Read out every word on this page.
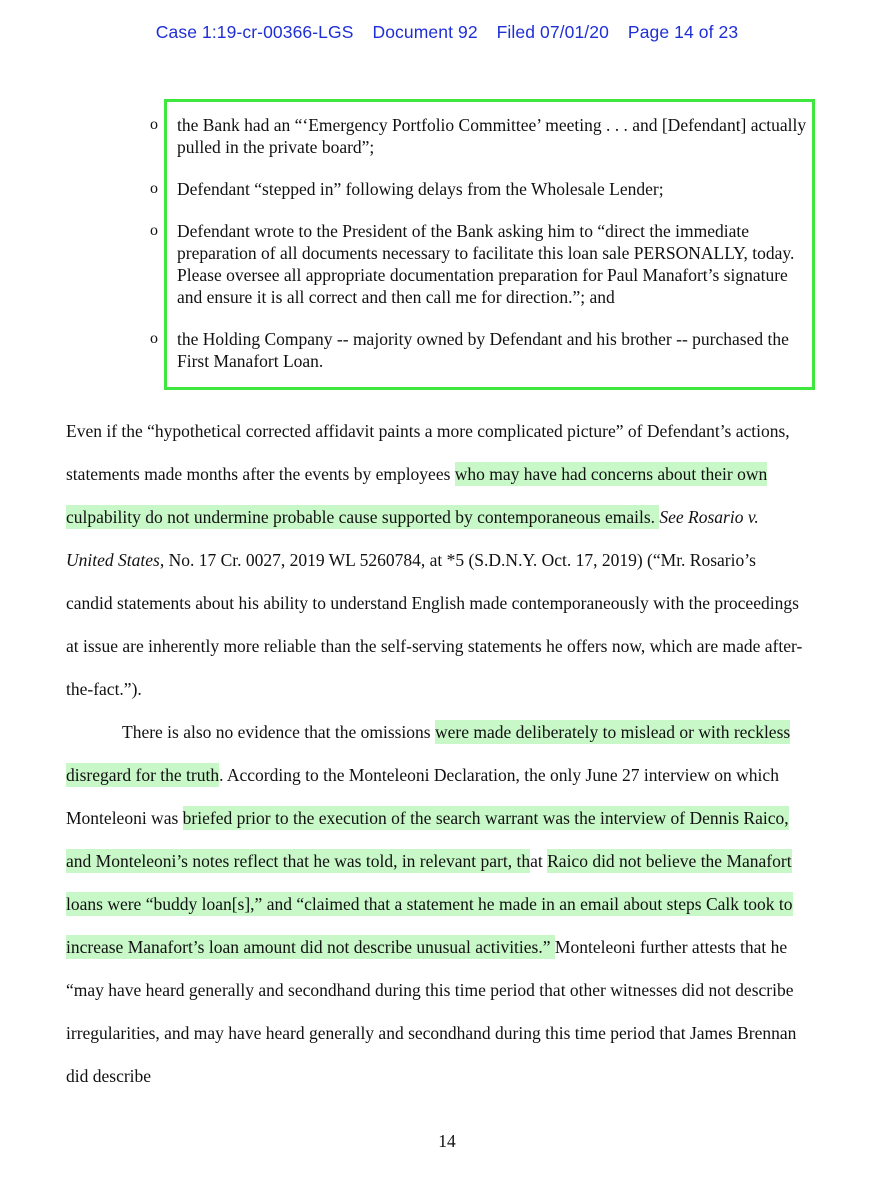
Case 1:19-cr-00366-LGS Document 92 Filed 07/01/20 Page 14 of 23
o the Bank had an “‘Emergency Portfolio Committee’ meeting . . . and [Defendant] actually pulled in the private board”;
o Defendant “stepped in” following delays from the Wholesale Lender;
o Defendant wrote to the President of the Bank asking him to “direct the immediate preparation of all documents necessary to facilitate this loan sale PERSONALLY, today. Please oversee all appropriate documentation preparation for Paul Manafort’s signature and ensure it is all correct and then call me for direction.”; and
o the Holding Company -- majority owned by Defendant and his brother -- purchased the First Manafort Loan.

Even if the “hypothetical corrected affidavit paints a more complicated picture” of Defendant’s actions, statements made months after the events by employees who may have had concerns about their own culpability do not undermine probable cause supported by contemporaneous emails. See Rosario v. United States, No. 17 Cr. 0027, 2019 WL 5260784, at *5 (S.D.N.Y. Oct. 17, 2019) (“Mr. Rosario’s candid statements about his ability to understand English made contemporaneously with the proceedings at issue are inherently more reliable than the self-serving statements he offers now, which are made after-the-fact.”).

There is also no evidence that the omissions were made deliberately to mislead or with reckless disregard for the truth. According to the Monteleoni Declaration, the only June 27 interview on which Monteleoni was briefed prior to the execution of the search warrant was the interview of Dennis Raico, and Monteleoni’s notes reflect that he was told, in relevant part, that Raico did not believe the Manafort loans were “buddy loan[s],” and “claimed that a statement he made in an email about steps Calk took to increase Manafort’s loan amount did not describe unusual activities.” Monteleoni further attests that he “may have heard generally and secondhand during this time period that other witnesses did not describe irregularities, and may have heard generally and secondhand during this time period that James Brennan did describe

14
